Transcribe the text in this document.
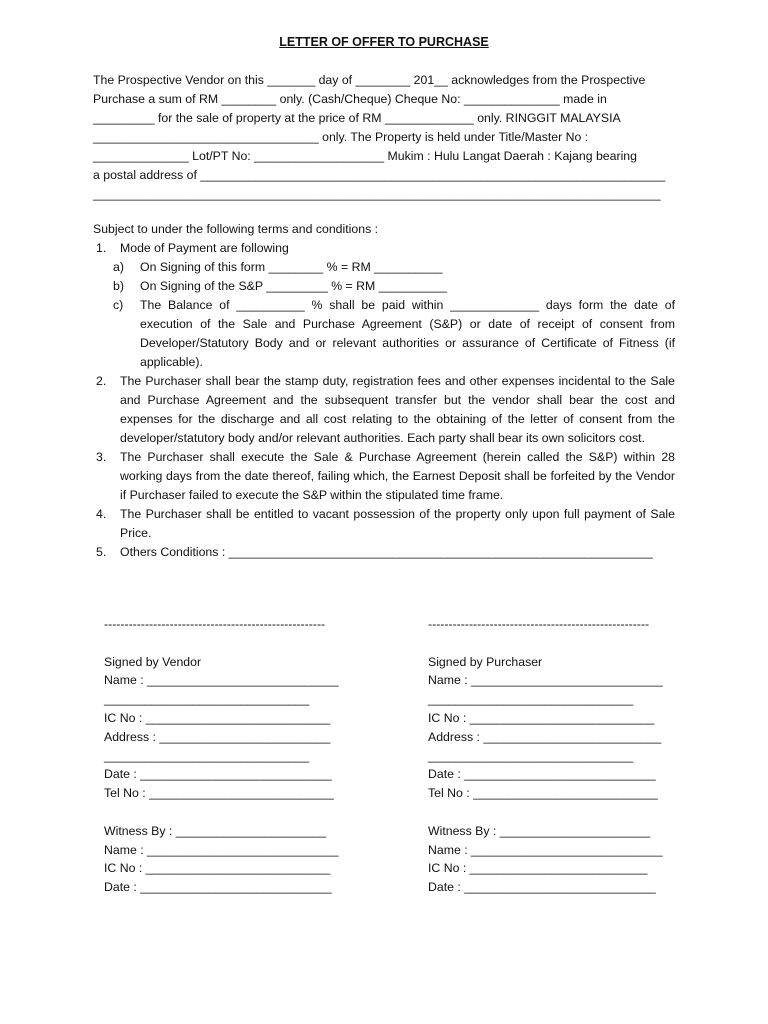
LETTER OF OFFER TO PURCHASE
The Prospective Vendor on this _______ day of ________ 201__ acknowledges from the Prospective
Purchase a sum of RM ________ only. (Cash/Cheque) Cheque No: ______________ made in
_________ for the sale of property at the price of RM _____________ only. RINGGIT MALAYSIA
_________________________________ only. The Property is held under Title/Master No :
______________ Lot/PT No: ___________________ Mukim : Hulu Langat Daerah : Kajang bearing
a postal address of ____________________________________________________________________
___________________________________________________________________________________

Subject to under the following terms and conditions :

1.	Mode of Payment are following
a)	On Signing of this form ________ % = RM __________
b)	On Signing of the S&P _________ % = RM __________
c)	The Balance of __________ % shall be paid within _____________ days form the date of execution of the Sale and Purchase Agreement (S&P) or date of receipt of consent from Developer/Statutory Body and or relevant authorities or assurance of Certificate of Fitness (if applicable).
2.	The Purchaser shall bear the stamp duty, registration fees and other expenses incidental to the Sale and Purchase Agreement and the subsequent transfer but the vendor shall bear the cost and expenses for the discharge and all cost relating to the obtaining of the letter of consent from the developer/statutory body and/or relevant authorities. Each party shall bear its own solicitors cost.
3.	The Purchaser shall execute the Sale & Purchase Agreement (herein called the S&P) within 28 working days from the date thereof, failing which, the Earnest Deposit shall be forfeited by the Vendor if Purchaser failed to execute the S&P within the stipulated time frame.
4.	The Purchaser shall be entitled to vacant possession of the property only upon full payment of Sale Price.
5.	Others Conditions : ______________________________________________________________
------------------------------------------------------
Signed by Vendor
Name : ____________________________
______________________________
IC No : ___________________________
Address : _________________________
______________________________
Date : ____________________________
Tel No : ___________________________
Witness By : ______________________
Name : ____________________________
IC No : ___________________________
Date : ____________________________
------------------------------------------------------
Signed by Purchaser
Name : ____________________________
______________________________
IC No : ___________________________
Address : __________________________
______________________________
Date : ____________________________
Tel No : ___________________________
Witness By : ______________________
Name : ____________________________
IC No : __________________________
Date : ____________________________
